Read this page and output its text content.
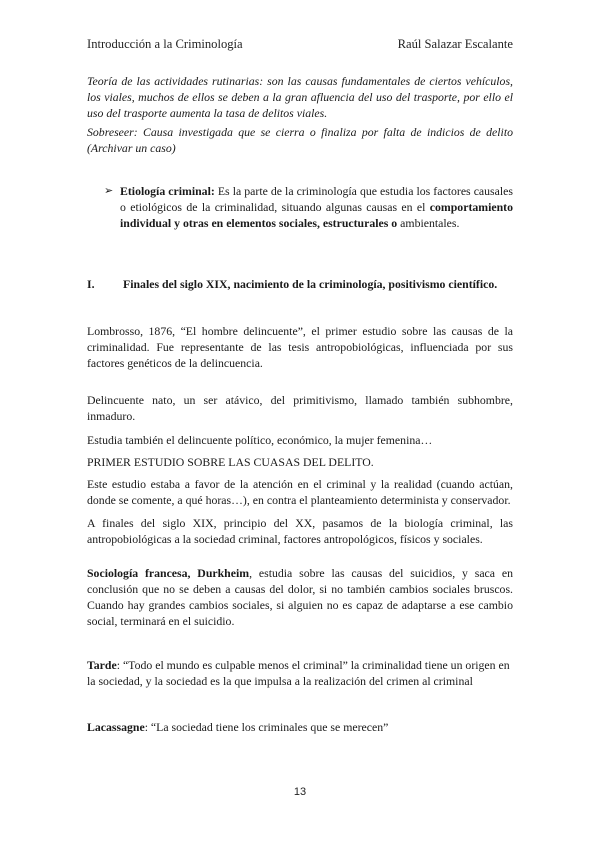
Introducción a la Criminología	Raúl Salazar Escalante
Teoría de las actividades rutinarias: son las causas fundamentales de ciertos vehículos, los viales, muchos de ellos se deben a la gran afluencia del uso del trasporte, por ello el uso del trasporte aumenta la tasa de delitos viales.
Sobreseer: Causa investigada que se cierra o finaliza por falta de indicios de delito (Archivar un caso)
➢ Etiología criminal: Es la parte de la criminología que estudia los factores causales o etiológicos de la criminalidad, situando algunas causas en el comportamiento individual y otras en elementos sociales, estructurales o ambientales.
I. Finales del siglo XIX, nacimiento de la criminología, positivismo científico.
Lombrosso, 1876, “El hombre delincuente”, el primer estudio sobre las causas de la criminalidad. Fue representante de las tesis antropobiológicas, influenciada por sus factores genéticos de la delincuencia.
Delincuente nato, un ser atávico, del primitivismo, llamado también subhombre, inmaduro.
Estudia también el delincuente político, económico, la mujer femenina…
PRIMER ESTUDIO SOBRE LAS CUASAS DEL DELITO.
Este estudio estaba a favor de la atención en el criminal y la realidad (cuando actúan, donde se comente, a qué horas…), en contra el planteamiento determinista y conservador.
A finales del siglo XIX, principio del XX, pasamos de la biología criminal, las antropobiológicas a la sociedad criminal, factores antropológicos, físicos y sociales.
Sociología francesa, Durkheim, estudia sobre las causas del suicidios, y saca en conclusión que no se deben a causas del dolor, si no también cambios sociales bruscos. Cuando hay grandes cambios sociales, si alguien no es capaz de adaptarse a ese cambio social, terminará en el suicidio.
Tarde: “Todo el mundo es culpable menos el criminal” la criminalidad tiene un origen en la sociedad, y la sociedad es la que impulsa a la realización del crimen al criminal
Lacassagne: “La sociedad tiene los criminales que se merecen”
13
